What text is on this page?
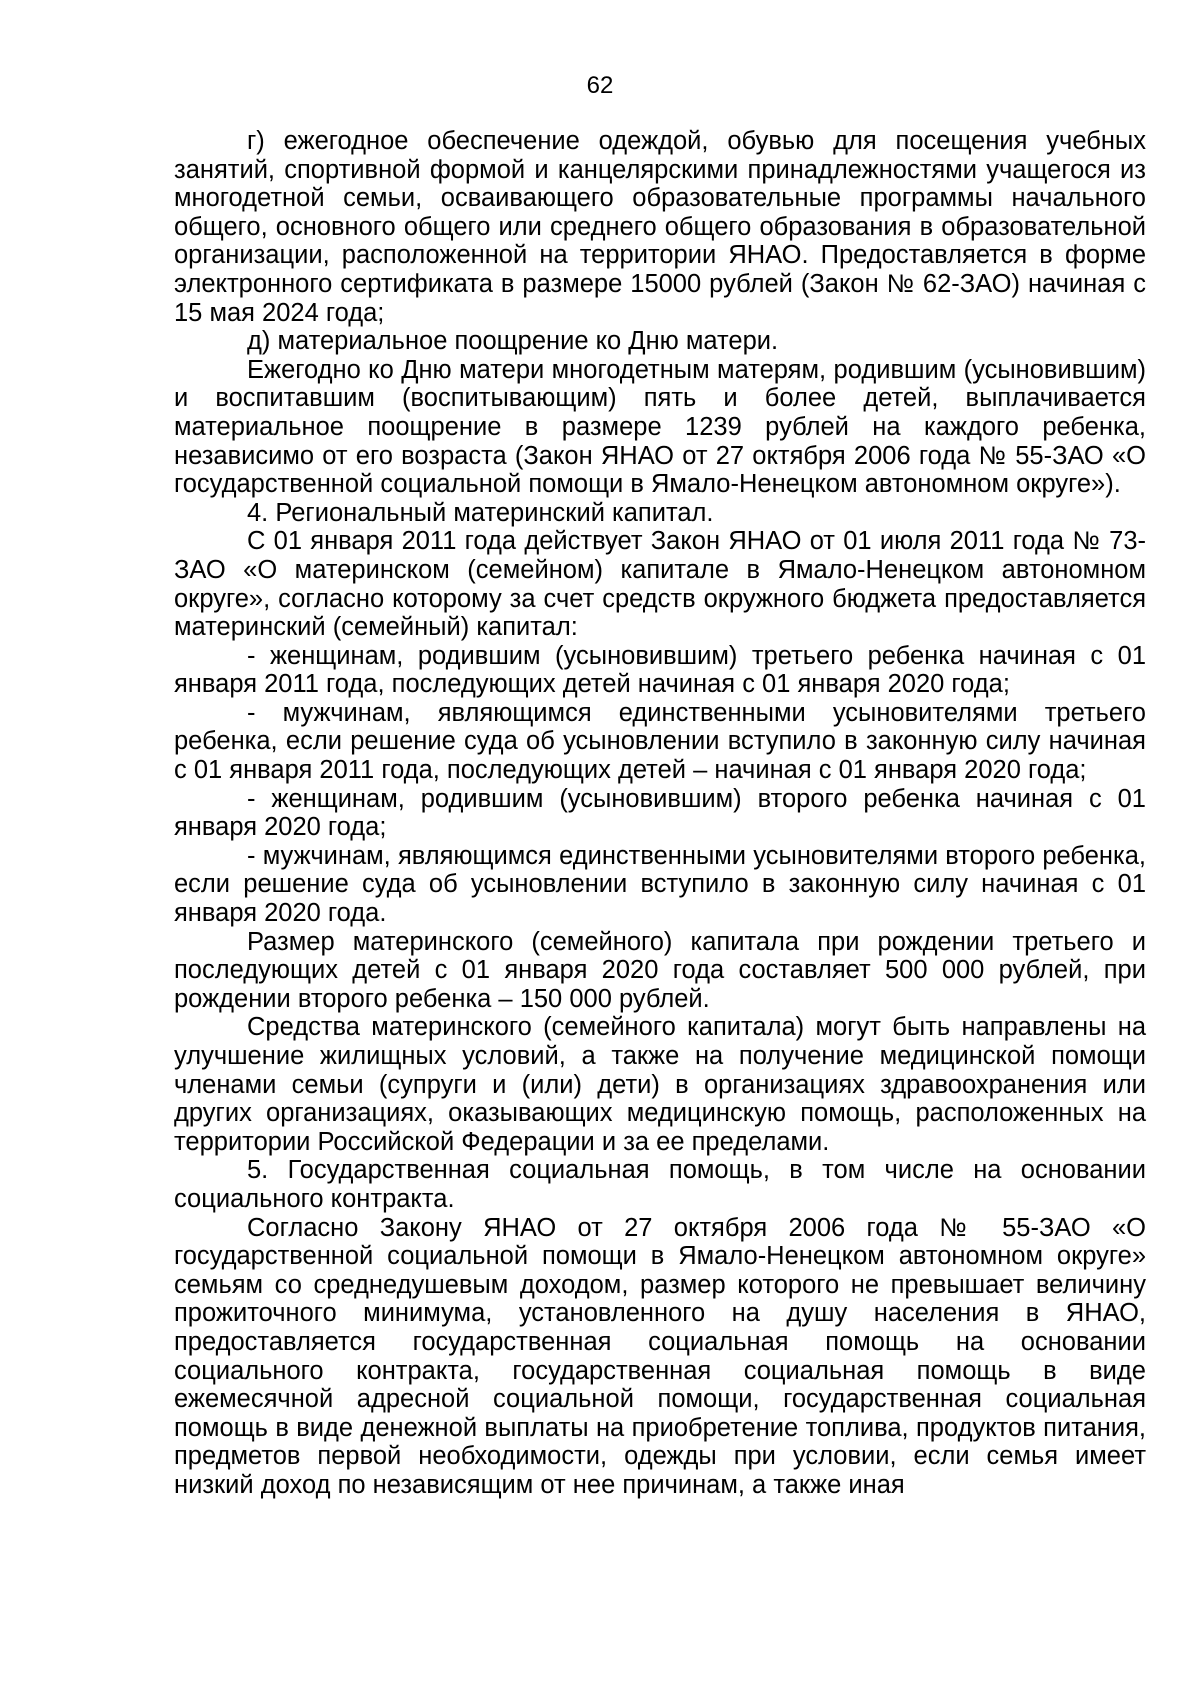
62

г) ежегодное обеспечение одеждой, обувью для посещения учебных занятий, спортивной формой и канцелярскими принадлежностями учащегося из многодетной семьи, осваивающего образовательные программы начального общего, основного общего или среднего общего образования в образовательной организации, расположенной на территории ЯНАО. Предоставляется в форме электронного сертификата в размере 15000 рублей (Закон № 62-ЗАО) начиная с 15 мая 2024 года;

д) материальное поощрение ко Дню матери.

Ежегодно ко Дню матери многодетным матерям, родившим (усыновившим) и воспитавшим (воспитывающим) пять и более детей, выплачивается материальное поощрение в размере 1239 рублей на каждого ребенка, независимо от его возраста (Закон ЯНАО от 27 октября 2006 года № 55-ЗАО «О государственной социальной помощи в Ямало-Ненецком автономном округе»).

4. Региональный материнский капитал.

С 01 января 2011 года действует Закон ЯНАО от 01 июля 2011 года № 73-ЗАО «О материнском (семейном) капитале в Ямало-Ненецком автономном округе», согласно которому за счет средств окружного бюджета предоставляется материнский (семейный) капитал:

- женщинам, родившим (усыновившим) третьего ребенка начиная с 01 января 2011 года, последующих детей начиная с 01 января 2020 года;

- мужчинам, являющимся единственными усыновителями третьего ребенка, если решение суда об усыновлении вступило в законную силу начиная с 01 января 2011 года, последующих детей – начиная с 01 января 2020 года;

- женщинам, родившим (усыновившим) второго ребенка начиная с 01 января 2020 года;

- мужчинам, являющимся единственными усыновителями второго ребенка, если решение суда об усыновлении вступило в законную силу начиная с 01 января 2020 года.

Размер материнского (семейного) капитала при рождении третьего и последующих детей с 01 января 2020 года составляет 500 000 рублей, при рождении второго ребенка – 150 000 рублей.

Средства материнского (семейного капитала) могут быть направлены на улучшение жилищных условий, а также на получение медицинской помощи членами семьи (супруги и (или) дети) в организациях здравоохранения или других организациях, оказывающих медицинскую помощь, расположенных на территории Российской Федерации и за ее пределами.

5. Государственная социальная помощь, в том числе на основании социального контракта.

Согласно Закону ЯНАО от 27 октября 2006 года № 55-ЗАО «О государственной социальной помощи в Ямало-Ненецком автономном округе» семьям со среднедушевым доходом, размер которого не превышает величину прожиточного минимума, установленного на душу населения в ЯНАО, предоставляется государственная социальная помощь на основании социального контракта, государственная социальная помощь в виде ежемесячной адресной социальной помощи, государственная социальная помощь в виде денежной выплаты на приобретение топлива, продуктов питания, предметов первой необходимости, одежды при условии, если семья имеет низкий доход по независящим от нее причинам, а также иная
